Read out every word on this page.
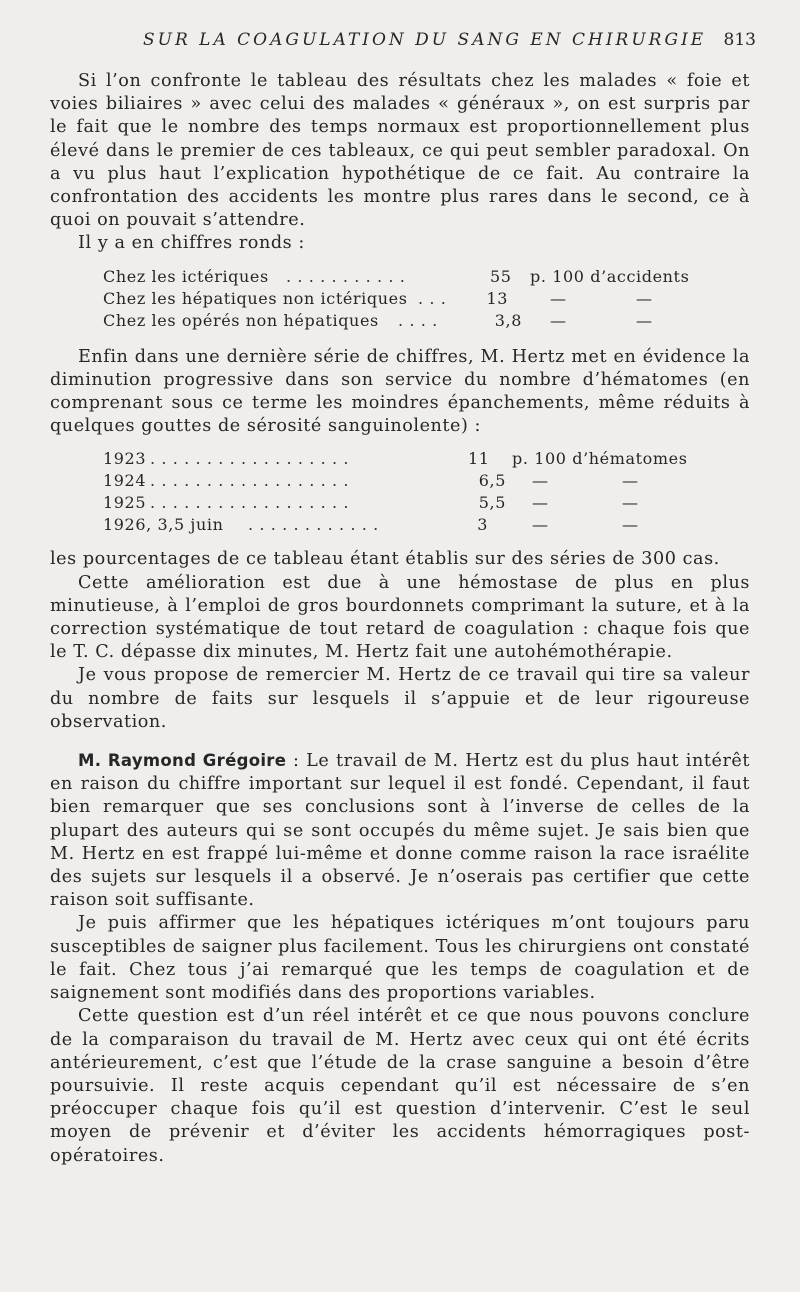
SUR LA COAGULATION DU SANG EN CHIRURGIE 813

Si l’on confronte le tableau des résultats chez les malades « foie et voies biliaires » avec celui des malades « généraux », on est surpris par le fait que le nombre des temps normaux est proportionnellement plus élevé dans le premier de ces tableaux, ce qui peut sembler paradoxal. On a vu plus haut l’explication hypothétique de ce fait. Au contraire la confrontation des accidents les montre plus rares dans le second, ce à quoi on pouvait s’attendre.

Il y a en chiffres ronds :

Chez les ictériques . . . . . . . . . . .	55 p. 100 d’accidents
Chez les hépatiques non ictériques . . .	13	—	—
Chez les opérés non hépatiques . . . .	3,8 —	—

Enfin dans une dernière série de chiffres, M. Hertz met en évidence la diminution progressive dans son service du nombre d’hématomes (en comprenant sous ce terme les moindres épanchements, même réduits à quelques gouttes de sérosité sanguinolente) :

1923 . . . . . . . . . . . . . . . . . .	11 p. 100 d’hématomes
1924 . . . . . . . . . . . . . . . . . .	6,5 —	—
1925 . . . . . . . . . . . . . . . . . .	5,5 —	—
1926, 3,5 juin . . . . . . . . . . . .	3	—	—

les pourcentages de ce tableau étant établis sur des séries de 300 cas.

Cette amélioration est due à une hémostase de plus en plus minutieuse, à l’emploi de gros bourdonnets comprimant la suture, et à la correction systématique de tout retard de coagulation : chaque fois que le T. C. dépasse dix minutes, M. Hertz fait une autohémothérapie.

Je vous propose de remercier M. Hertz de ce travail qui tire sa valeur du nombre de faits sur lesquels il s’appuie et de leur rigoureuse observation.

M. Raymond Grégoire : Le travail de M. Hertz est du plus haut intérêt en raison du chiffre important sur lequel il est fondé. Cependant, il faut bien remarquer que ses conclusions sont à l’inverse de celles de la plupart des auteurs qui se sont occupés du même sujet. Je sais bien que M. Hertz en est frappé lui-même et donne comme raison la race israélite des sujets sur lesquels il a observé. Je n’oserais pas certifier que cette raison soit suffisante.

Je puis affirmer que les hépatiques ictériques m’ont toujours paru susceptibles de saigner plus facilement. Tous les chirurgiens ont constaté le fait. Chez tous j’ai remarqué que les temps de coagulation et de saignement sont modifiés dans des proportions variables.

Cette question est d’un réel intérêt et ce que nous pouvons conclure de la comparaison du travail de M. Hertz avec ceux qui ont été écrits antérieurement, c’est que l’étude de la crase sanguine a besoin d’être poursuivie. Il reste acquis cependant qu’il est nécessaire de s’en préoccuper chaque fois qu’il est question d’intervenir. C’est le seul moyen de prévenir et d’éviter les accidents hémorragiques post-opératoires.
